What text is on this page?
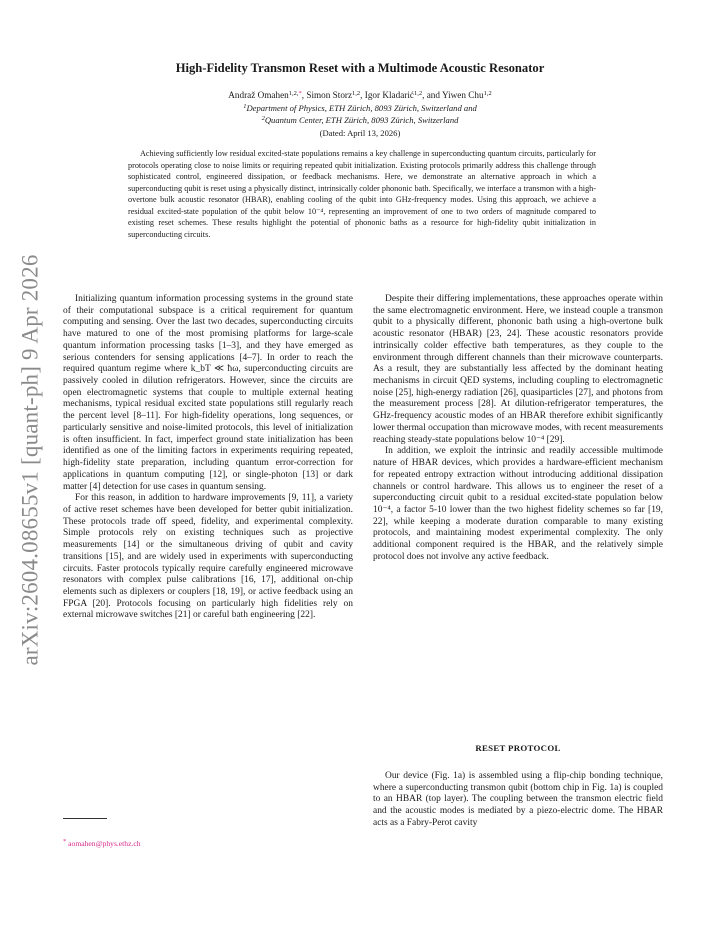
arXiv:2604.08655v1 [quant-ph] 9 Apr 2026
High-Fidelity Transmon Reset with a Multimode Acoustic Resonator
Andraž Omahen$^{1,2,*}$, Simon Storz$^{1,2}$, Igor Kladarić$^{1,2}$, and Yiwen Chu$^{1,2}$
$^1$Department of Physics, ETH Zürich, 8093 Zürich, Switzerland and
$^2$Quantum Center, ETH Zürich, 8093 Zürich, Switzerland
(Dated: April 13, 2026)
Achieving sufficiently low residual excited-state populations remains a key challenge in superconducting quantum circuits, particularly for protocols operating close to noise limits or requiring repeated qubit initialization. Existing protocols primarily address this challenge through sophisticated control, engineered dissipation, or feedback mechanisms. Here, we demonstrate an alternative approach in which a superconducting qubit is reset using a physically distinct, intrinsically colder phononic bath. Specifically, we interface a transmon with a high-overtone bulk acoustic resonator (HBAR), enabling cooling of the qubit into GHz-frequency modes. Using this approach, we achieve a residual excited-state population of the qubit below 10⁻⁴, representing an improvement of one to two orders of magnitude compared to existing reset schemes. These results highlight the potential of phononic baths as a resource for high-fidelity qubit initialization in superconducting circuits.

Initializing quantum information processing systems in the ground state of their computational subspace is a critical requirement for quantum computing and sensing. Over the last two decades, superconducting circuits have matured to one of the most promising platforms for large-scale quantum information processing tasks [1–3], and they have emerged as serious contenders for sensing applications [4–7]. In order to reach the required quantum regime where k_bT ≪ ħω, superconducting circuits are passively cooled in dilution refrigerators. However, since the circuits are open electromagnetic systems that couple to multiple external heating mechanisms, typical residual excited state populations still regularly reach the percent level [8–11]. For high-fidelity operations, long sequences, or particularly sensitive and noise-limited protocols, this level of initialization is often insufficient. In fact, imperfect ground state initialization has been identified as one of the limiting factors in experiments requiring repeated, high-fidelity state preparation, including quantum error-correction for applications in quantum computing [12], or single-photon [13] or dark matter [4] detection for use cases in quantum sensing.

For this reason, in addition to hardware improvements [9, 11], a variety of active reset schemes have been developed for better qubit initialization. These protocols trade off speed, fidelity, and experimental complexity. Simple protocols rely on existing techniques such as projective measurements [14] or the simultaneous driving of qubit and cavity transitions [15], and are widely used in experiments with superconducting circuits. Faster protocols typically require carefully engineered microwave resonators with complex pulse calibrations [16, 17], additional on-chip elements such as diplexers or couplers [18, 19], or active feedback using an FPGA [20]. Protocols focusing on particularly high fidelities rely on external microwave switches [21] or careful bath engineering [22].

Despite their differing implementations, these approaches operate within the same electromagnetic environment. Here, we instead couple a transmon qubit to a physically different, phononic bath using a high-overtone bulk acoustic resonator (HBAR) [23, 24]. These acoustic resonators provide intrinsically colder effective bath temperatures, as they couple to the environment through different channels than their microwave counterparts. As a result, they are substantially less affected by the dominant heating mechanisms in circuit QED systems, including coupling to electromagnetic noise [25], high-energy radiation [26], quasiparticles [27], and photons from the measurement process [28]. At dilution-refrigerator temperatures, the GHz-frequency acoustic modes of an HBAR therefore exhibit significantly lower thermal occupation than microwave modes, with recent measurements reaching steady-state populations below 10⁻⁴ [29].

In addition, we exploit the intrinsic and readily accessible multimode nature of HBAR devices, which provides a hardware-efficient mechanism for repeated entropy extraction without introducing additional dissipation channels or control hardware. This allows us to engineer the reset of a superconducting circuit qubit to a residual excited-state population below 10⁻⁴, a factor 5-10 lower than the two highest fidelity schemes so far [19, 22], while keeping a moderate duration comparable to many existing protocols, and maintaining modest experimental complexity. The only additional component required is the HBAR, and the relatively simple protocol does not involve any active feedback.

RESET PROTOCOL

Our device (Fig. 1a) is assembled using a flip-chip bonding technique, where a superconducting transmon qubit (bottom chip in Fig. 1a) is coupled to an HBAR (top layer). The coupling between the transmon electric field and the acoustic modes is mediated by a piezo-electric dome. The HBAR acts as a Fabry-Perot cavity

* aomahen@phys.ethz.ch
